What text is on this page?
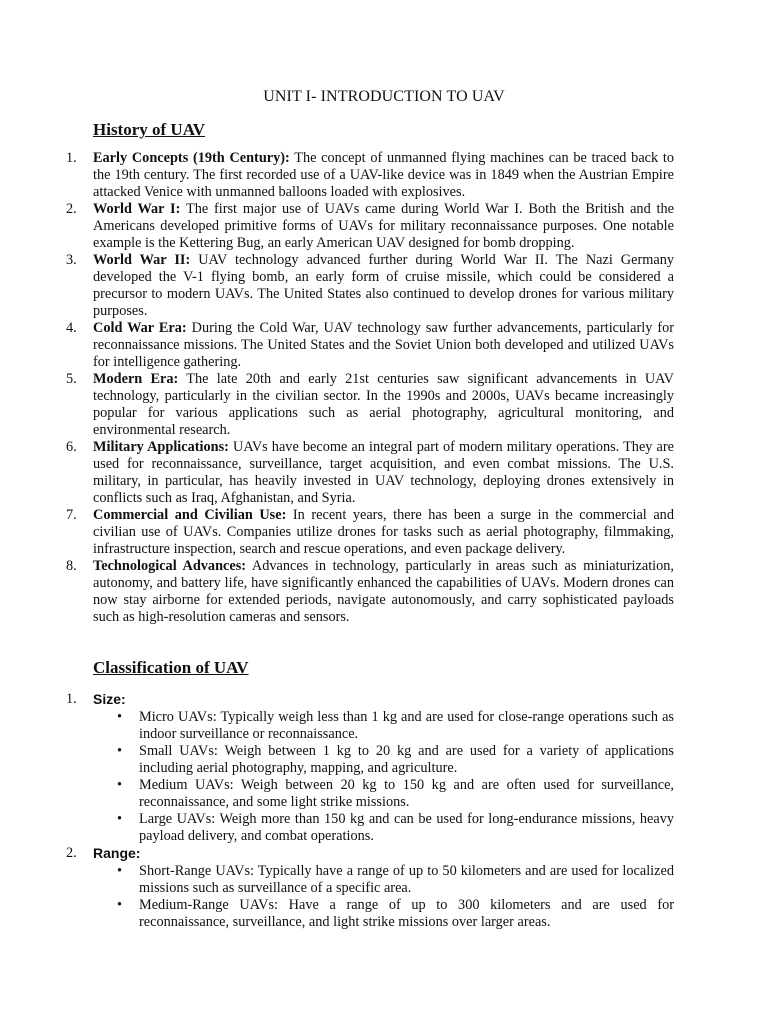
UNIT I- INTRODUCTION TO UAV
History of UAV
1. Early Concepts (19th Century): The concept of unmanned flying machines can be traced back to the 19th century. The first recorded use of a UAV-like device was in 1849 when the Austrian Empire attacked Venice with unmanned balloons loaded with explosives.
2. World War I: The first major use of UAVs came during World War I. Both the British and the Americans developed primitive forms of UAVs for military reconnaissance purposes. One notable example is the Kettering Bug, an early American UAV designed for bomb dropping.
3. World War II: UAV technology advanced further during World War II. The Nazi Germany developed the V-1 flying bomb, an early form of cruise missile, which could be considered a precursor to modern UAVs. The United States also continued to develop drones for various military purposes.
4. Cold War Era: During the Cold War, UAV technology saw further advancements, particularly for reconnaissance missions. The United States and the Soviet Union both developed and utilized UAVs for intelligence gathering.
5. Modern Era: The late 20th and early 21st centuries saw significant advancements in UAV technology, particularly in the civilian sector. In the 1990s and 2000s, UAVs became increasingly popular for various applications such as aerial photography, agricultural monitoring, and environmental research.
6. Military Applications: UAVs have become an integral part of modern military operations. They are used for reconnaissance, surveillance, target acquisition, and even combat missions. The U.S. military, in particular, has heavily invested in UAV technology, deploying drones extensively in conflicts such as Iraq, Afghanistan, and Syria.
7. Commercial and Civilian Use: In recent years, there has been a surge in the commercial and civilian use of UAVs. Companies utilize drones for tasks such as aerial photography, filmmaking, infrastructure inspection, search and rescue operations, and even package delivery.
8. Technological Advances: Advances in technology, particularly in areas such as miniaturization, autonomy, and battery life, have significantly enhanced the capabilities of UAVs. Modern drones can now stay airborne for extended periods, navigate autonomously, and carry sophisticated payloads such as high-resolution cameras and sensors.
Classification of UAV
1. Size:
• Micro UAVs: Typically weigh less than 1 kg and are used for close-range operations such as indoor surveillance or reconnaissance.
• Small UAVs: Weigh between 1 kg to 20 kg and are used for a variety of applications including aerial photography, mapping, and agriculture.
• Medium UAVs: Weigh between 20 kg to 150 kg and are often used for surveillance, reconnaissance, and some light strike missions.
• Large UAVs: Weigh more than 150 kg and can be used for long-endurance missions, heavy payload delivery, and combat operations.
2. Range:
• Short-Range UAVs: Typically have a range of up to 50 kilometers and are used for localized missions such as surveillance of a specific area.
• Medium-Range UAVs: Have a range of up to 300 kilometers and are used for reconnaissance, surveillance, and light strike missions over larger areas.
